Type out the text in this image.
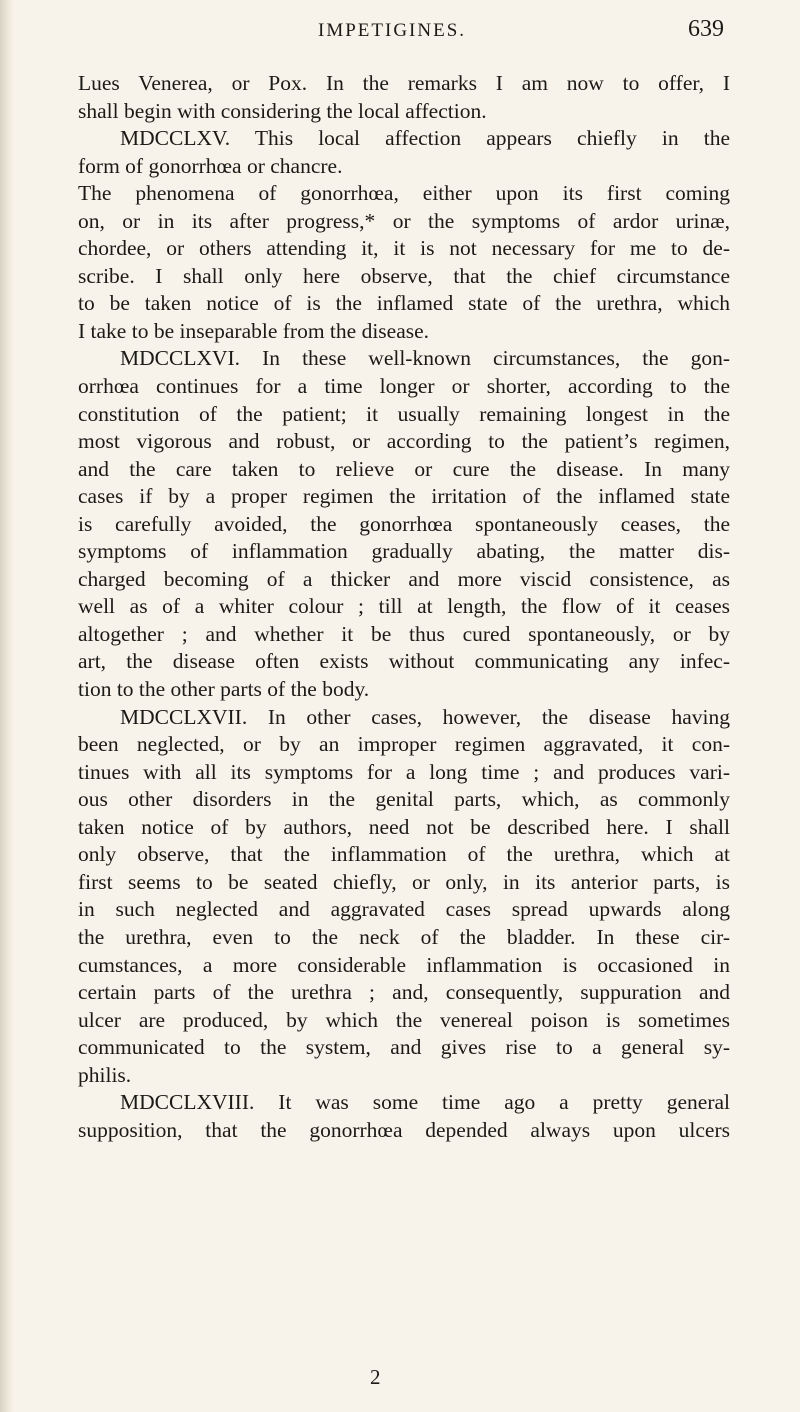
IMPETIGINES.	639
Lues Venerea, or Pox. In the remarks I am now to offer, I
shall begin with considering the local affection.
MDCCLXV. This local affection appears chiefly in the
form of gonorrhœa or chancre.
The phenomena of gonorrhœa, either upon its first coming
on, or in its after progress,* or the symptoms of ardor urinæ,
chordee, or others attending it, it is not necessary for me to de-
scribe. I shall only here observe, that the chief circumstance
to be taken notice of is the inflamed state of the urethra, which
I take to be inseparable from the disease.
MDCCLXVI. In these well-known circumstances, the gon-
orrhœa continues for a time longer or shorter, according to the
constitution of the patient; it usually remaining longest in the
most vigorous and robust, or according to the patient’s regimen,
and the care taken to relieve or cure the disease. In many
cases if by a proper regimen the irritation of the inflamed state
is carefully avoided, the gonorrhœa spontaneously ceases, the
symptoms of inflammation gradually abating, the matter dis-
charged becoming of a thicker and more viscid consistence, as
well as of a whiter colour ; till at length, the flow of it ceases
altogether ; and whether it be thus cured spontaneously, or by
art, the disease often exists without communicating any infec-
tion to the other parts of the body.
MDCCLXVII. In other cases, however, the disease having
been neglected, or by an improper regimen aggravated, it con-
tinues with all its symptoms for a long time ; and produces vari-
ous other disorders in the genital parts, which, as commonly
taken notice of by authors, need not be described here. I shall
only observe, that the inflammation of the urethra, which at
first seems to be seated chiefly, or only, in its anterior parts, is
in such neglected and aggravated cases spread upwards along
the urethra, even to the neck of the bladder. In these cir-
cumstances, a more considerable inflammation is occasioned in
certain parts of the urethra ; and, consequently, suppuration and
ulcer are produced, by which the venereal poison is sometimes
communicated to the system, and gives rise to a general sy-
philis.
MDCCLXVIII. It was some time ago a pretty general
supposition, that the gonorrhœa depended always upon ulcers
2
